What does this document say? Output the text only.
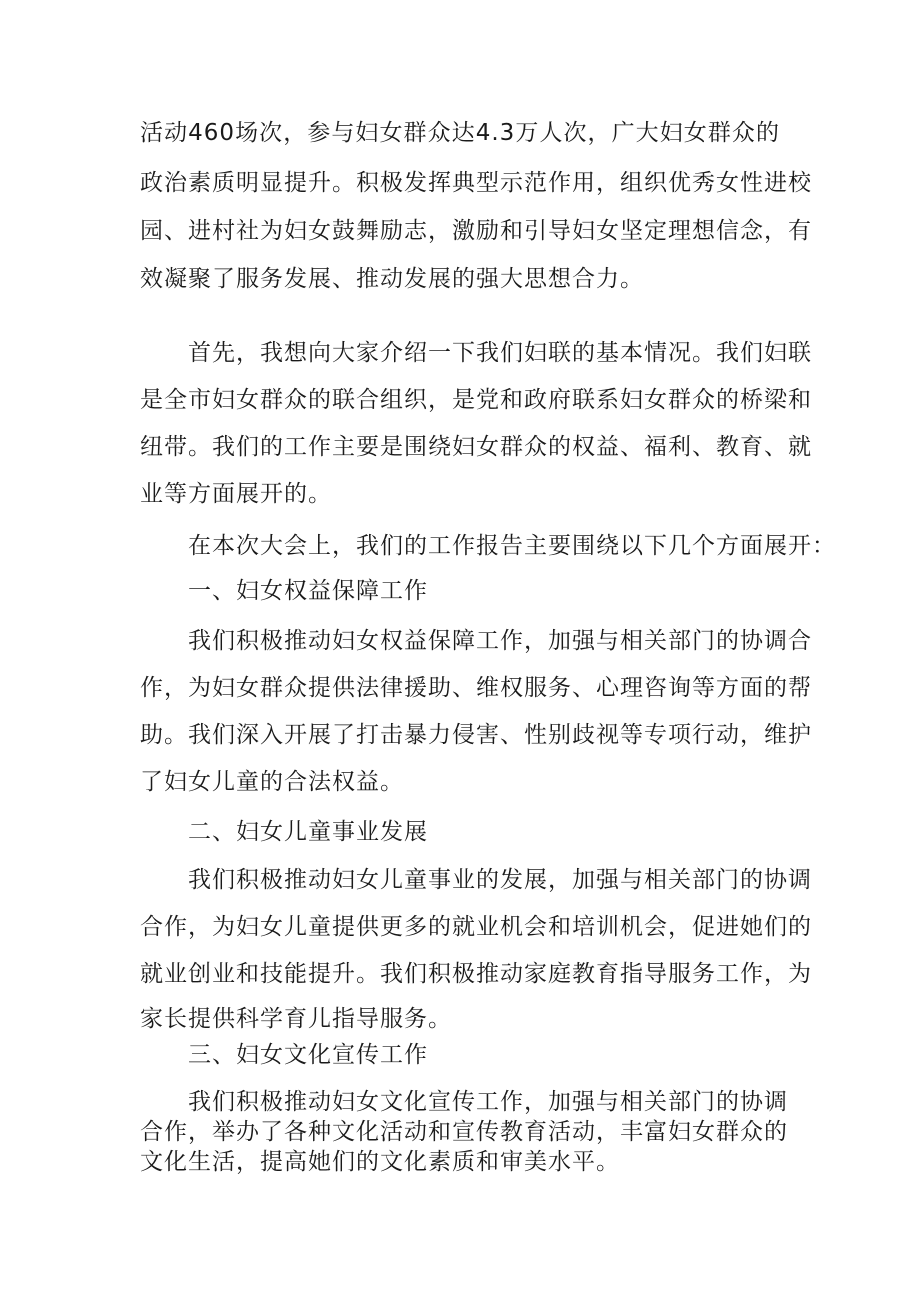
活动460场次，参与妇女群众达4.3万人次，广大妇女群众的
政治素质明显提升。积极发挥典型示范作用，组织优秀女性进校
园、进村社为妇女鼓舞励志，激励和引导妇女坚定理想信念，有
效凝聚了服务发展、推动发展的强大思想合力。
首先，我想向大家介绍一下我们妇联的基本情况。我们妇联
是全市妇女群众的联合组织，是党和政府联系妇女群众的桥梁和
纽带。我们的工作主要是围绕妇女群众的权益、福利、教育、就
业等方面展开的。
在本次大会上，我们的工作报告主要围绕以下几个方面展开：
一、妇女权益保障工作
我们积极推动妇女权益保障工作，加强与相关部门的协调合
作，为妇女群众提供法律援助、维权服务、心理咨询等方面的帮
助。我们深入开展了打击暴力侵害、性别歧视等专项行动，维护
了妇女儿童的合法权益。
二、妇女儿童事业发展
我们积极推动妇女儿童事业的发展，加强与相关部门的协调
合作，为妇女儿童提供更多的就业机会和培训机会，促进她们的
就业创业和技能提升。我们积极推动家庭教育指导服务工作，为
家长提供科学育儿指导服务。
三、妇女文化宣传工作
我们积极推动妇女文化宣传工作，加强与相关部门的协调
合作，举办了各种文化活动和宣传教育活动，丰富妇女群众的
文化生活，提高她们的文化素质和审美水平。
